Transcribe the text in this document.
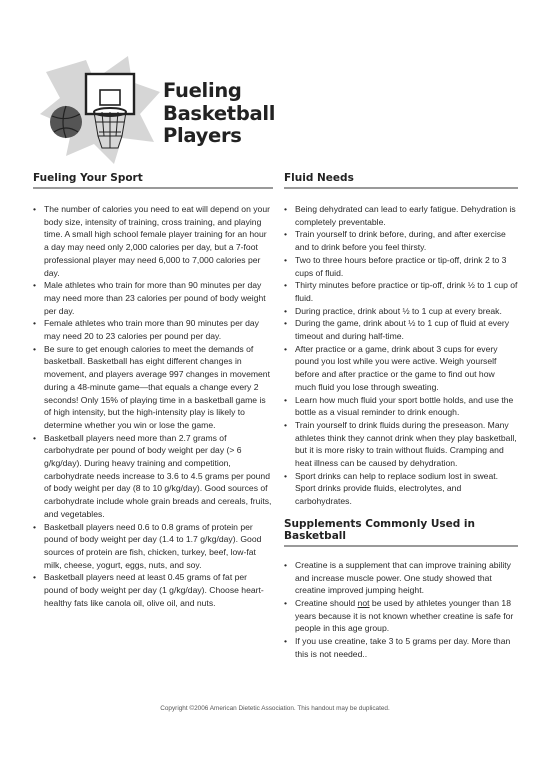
Fueling
Basketball
Players
Fueling Your Sport
• The number of calories you need to eat will depend on your body size, intensity of training, cross training, and playing time. A small high school female player training for an hour a day may need only 2,000 calories per day, but a 7-foot professional player may need 6,000 to 7,000 calories per day.
• Male athletes who train for more than 90 minutes per day may need more than 23 calories per pound of body weight per day.
• Female athletes who train more than 90 minutes per day may need 20 to 23 calories per pound per day.
• Be sure to get enough calories to meet the demands of basketball. Basketball has eight different changes in movement, and players average 997 changes in movement during a 48-minute game—that equals a change every 2 seconds! Only 15% of playing time in a basketball game is of high intensity, but the high-intensity play is likely to determine whether you win or lose the game.
• Basketball players need more than 2.7 grams of carbohydrate per pound of body weight per day (> 6 g/kg/day). During heavy training and competition, carbohydrate needs increase to 3.6 to 4.5 grams per pound of body weight per day (8 to 10 g/kg/day). Good sources of carbohydrate include whole grain breads and cereals, fruits, and vegetables.
• Basketball players need 0.6 to 0.8 grams of protein per pound of body weight per day (1.4 to 1.7 g/kg/day). Good sources of protein are fish, chicken, turkey, beef, low-fat milk, cheese, yogurt, eggs, nuts, and soy.
• Basketball players need at least 0.45 grams of fat per pound of body weight per day (1 g/kg/day). Choose heart-healthy fats like canola oil, olive oil, and nuts.
Fluid Needs
• Being dehydrated can lead to early fatigue. Dehydration is completely preventable.
• Train yourself to drink before, during, and after exercise and to drink before you feel thirsty.
• Two to three hours before practice or tip-off, drink 2 to 3 cups of fluid.
• Thirty minutes before practice or tip-off, drink ½ to 1 cup of fluid.
• During practice, drink about ½ to 1 cup at every break.
• During the game, drink about ½ to 1 cup of fluid at every timeout and during half-time.
• After practice or a game, drink about 3 cups for every pound you lost while you were active. Weigh yourself before and after practice or the game to find out how much fluid you lose through sweating.
• Learn how much fluid your sport bottle holds, and use the bottle as a visual reminder to drink enough.
• Train yourself to drink fluids during the preseason. Many athletes think they cannot drink when they play basketball, but it is more risky to train without fluids. Cramping and heat illness can be caused by dehydration.
• Sport drinks can help to replace sodium lost in sweat. Sport drinks provide fluids, electrolytes, and carbohydrates.
Supplements Commonly Used in Basketball
• Creatine is a supplement that can improve training ability and increase muscle power. One study showed that creatine improved jumping height.
• Creatine should not be used by athletes younger than 18 years because it is not known whether creatine is safe for people in this age group.
• If you use creatine, take 3 to 5 grams per day. More than this is not needed..
Copyright ©2006 American Dietetic Association. This handout may be duplicated.
